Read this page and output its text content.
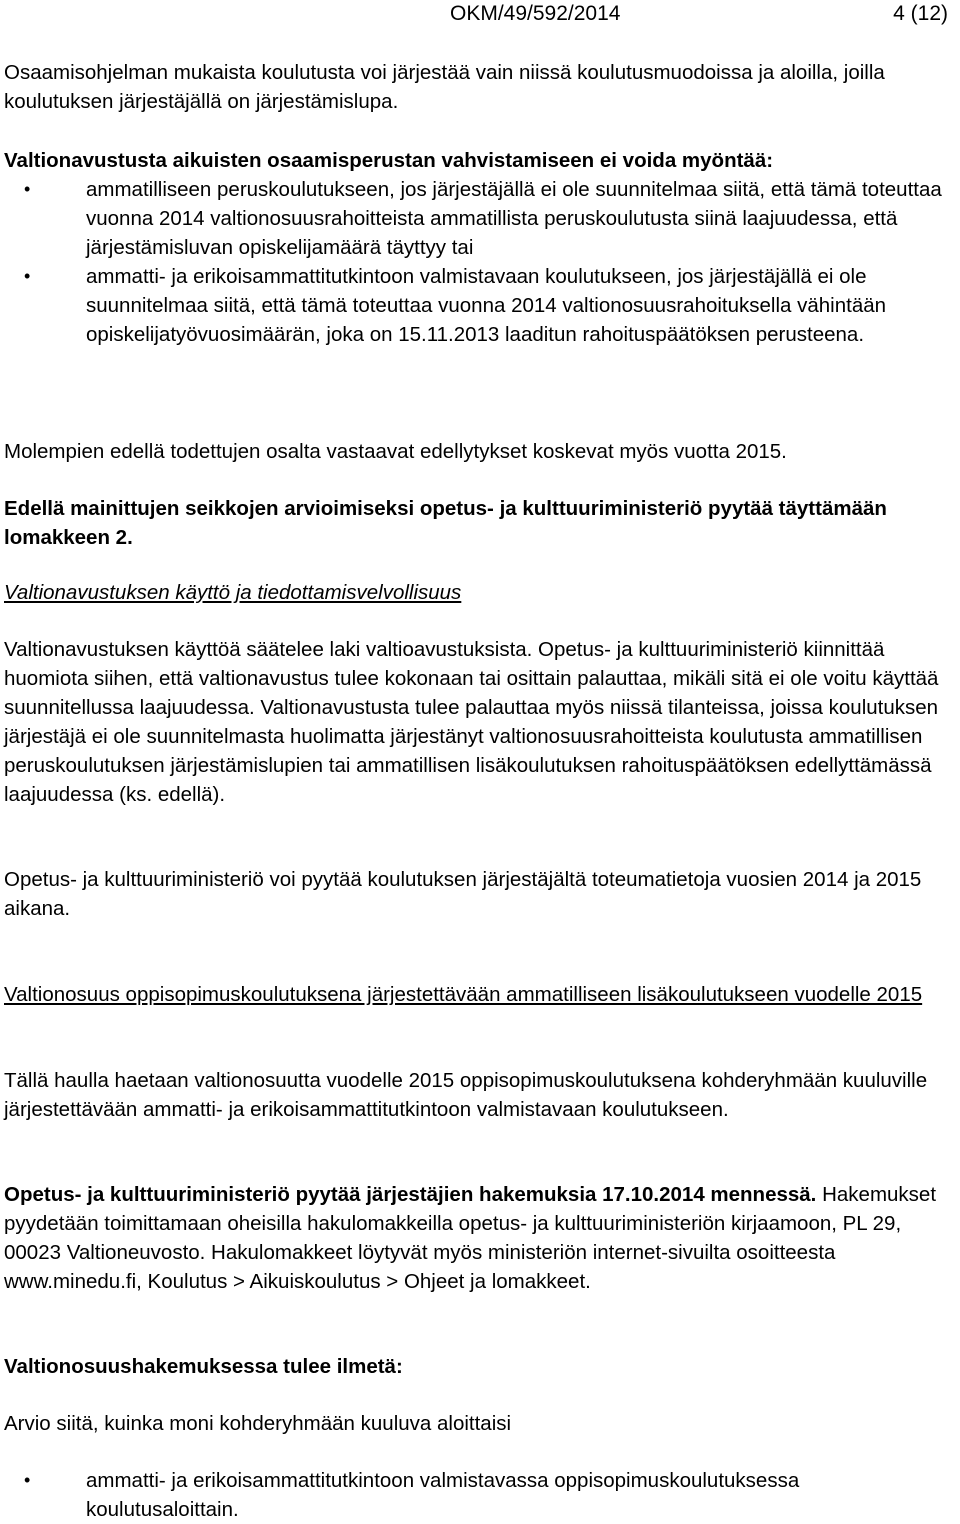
OKM/49/592/2014	4 (12)

Osaamisohjelman mukaista koulutusta voi järjestää vain niissä koulutusmuodoissa ja aloilla, joilla koulutuksen järjestäjällä on järjestämislupa.

Valtionavustusta aikuisten osaamisperustan vahvistamiseen ei voida myöntää:

• ammatilliseen peruskoulutukseen, jos järjestäjällä ei ole suunnitelmaa siitä, että tämä toteuttaa vuonna 2014 valtionosuusrahoitteista ammatillista peruskoulutusta siinä laajuudessa, että järjestämisluvan opiskelijamäärä täyttyy tai
• ammatti- ja erikoisammattitutkintoon valmistavaan koulutukseen, jos järjestäjällä ei ole suunnitelmaa siitä, että tämä toteuttaa vuonna 2014 valtionosuusrahoituksella vähintään opiskelijatyövuosimäärän, joka on 15.11.2013 laaditun rahoituspäätöksen perusteena.

Molempien edellä todettujen osalta vastaavat edellytykset koskevat myös vuotta 2015.

Edellä mainittujen seikkojen arvioimiseksi opetus- ja kulttuuriministeriö pyytää täyttämään lomakkeen 2.

Valtionavustuksen käyttö ja tiedottamisvelvollisuus

Valtionavustuksen käyttöä säätelee laki valtioavustuksista. Opetus- ja kulttuuriministeriö kiinnittää huomiota siihen, että valtionavustus tulee kokonaan tai osittain palauttaa, mikäli sitä ei ole voitu käyttää suunnitellussa laajuudessa. Valtionavustusta tulee palauttaa myös niissä tilanteissa, joissa koulutuksen järjestäjä ei ole suunnitelmasta huolimatta järjestänyt valtionosuusrahoitteista koulutusta ammatillisen peruskoulutuksen järjestämislupien tai ammatillisen lisäkoulutuksen rahoituspäätöksen edellyttämässä laajuudessa (ks. edellä).

Opetus- ja kulttuuriministeriö voi pyytää koulutuksen järjestäjältä toteumatietoja vuosien 2014 ja 2015 aikana.

Valtionosuus oppisopimuskoulutuksena järjestettävään ammatilliseen lisäkoulutukseen vuodelle 2015

Tällä haulla haetaan valtionosuutta vuodelle 2015 oppisopimuskoulutuksena kohderyhmään kuuluville järjestettävään ammatti- ja erikoisammattitutkintoon valmistavaan koulutukseen.

Opetus- ja kulttuuriministeriö pyytää järjestäjien hakemuksia 17.10.2014 mennessä. Hakemukset pyydetään toimittamaan oheisilla hakulomakkeilla opetus- ja kulttuuriministeriön kirjaamoon, PL 29, 00023 Valtioneuvosto. Hakulomakkeet löytyvät myös ministeriön internet-sivuilta osoitteesta www.minedu.fi, Koulutus > Aikuiskoulutus > Ohjeet ja lomakkeet.

Valtionosuushakemuksessa tulee ilmetä:

Arvio siitä, kuinka moni kohderyhmään kuuluva aloittaisi

• ammatti- ja erikoisammattitutkintoon valmistavassa oppisopimuskoulutuksessa koulutusaloittain.
